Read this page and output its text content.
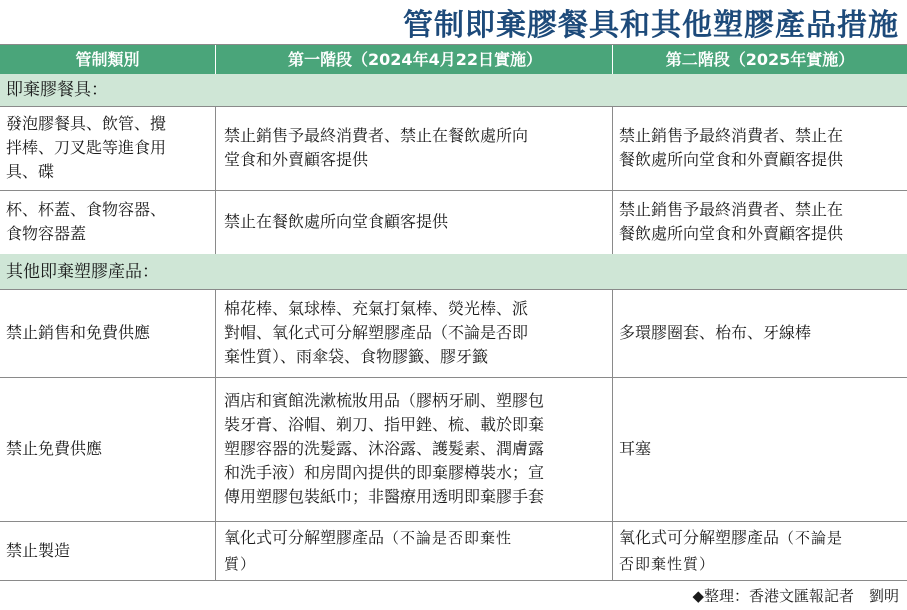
管制即棄膠餐具和其他塑膠產品措施
管制類別	第一階段（2024年4月22日實施）	第二階段（2025年實施）
即棄膠餐具：
發泡膠餐具、飲管、攪
拌棒、刀叉匙等進食用
具、碟
禁止銷售予最終消費者、禁止在餐飲處所向
堂食和外賣顧客提供
禁止銷售予最終消費者、禁止在
餐飲處所向堂食和外賣顧客提供
杯、杯蓋、食物容器、
食物容器蓋
禁止在餐飲處所向堂食顧客提供
禁止銷售予最終消費者、禁止在
餐飲處所向堂食和外賣顧客提供
其他即棄塑膠產品：
禁止銷售和免費供應
棉花棒、氣球棒、充氣打氣棒、熒光棒、派
對帽、氧化式可分解塑膠產品（不論是否即
棄性質）、雨傘袋、食物膠籤、膠牙籤
多環膠圈套、枱布、牙線棒
禁止免費供應
酒店和賓館洗漱梳妝用品（膠柄牙刷、塑膠包
裝牙膏、浴帽、剃刀、指甲銼、梳、載於即棄
塑膠容器的洗髮露、沐浴露、護髮素、潤膚露
和洗手液）和房間內提供的即棄膠樽裝水；宣
傳用塑膠包裝紙巾；非醫療用透明即棄膠手套
耳塞
禁止製造
氧化式可分解塑膠產品（不論是否即棄性
質）
氧化式可分解塑膠產品（不論是
否即棄性質）
◆整理：香港文匯報記者　劉明
